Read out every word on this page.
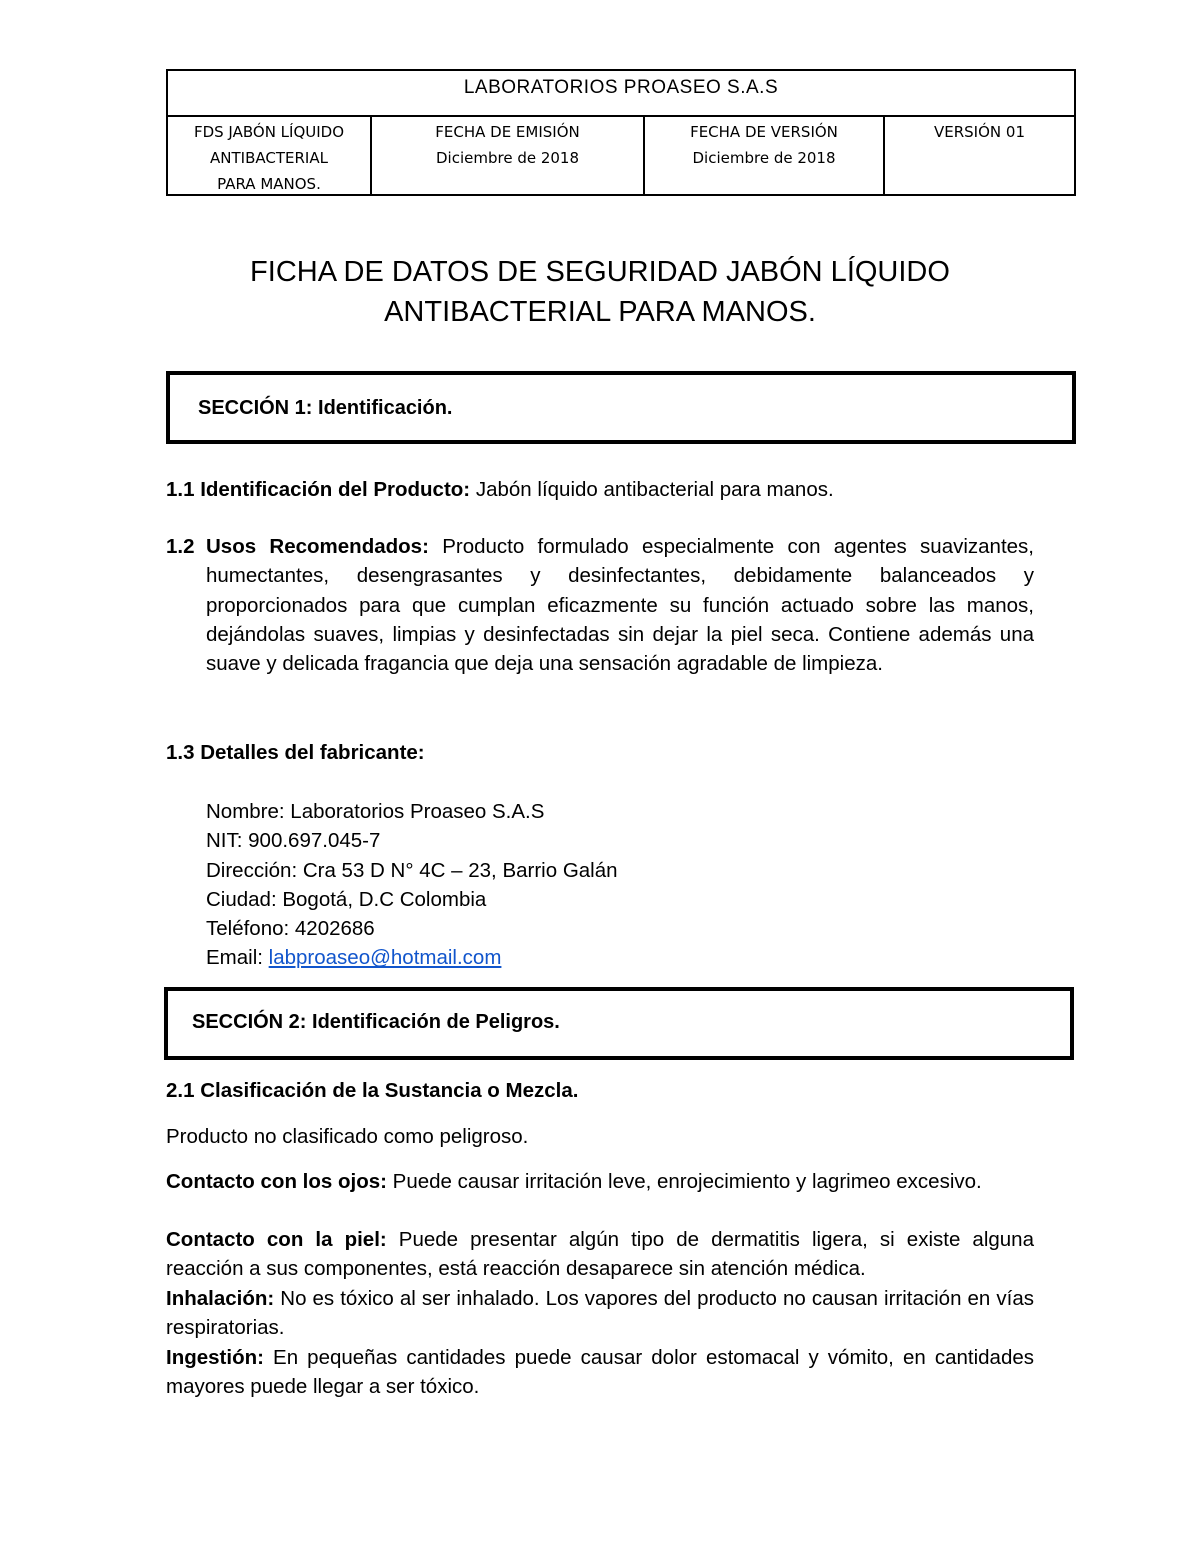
LABORATORIOS PROASEO S.A.S
FDS JABÓN LÍQUIDO
ANTIBACTERIAL
PARA MANOS.
FECHA DE EMISIÓN
Diciembre de 2018
FECHA DE VERSIÓN
Diciembre de 2018
VERSIÓN 01
FICHA DE DATOS DE SEGURIDAD JABÓN LÍQUIDO
ANTIBACTERIAL PARA MANOS.
SECCIÓN 1: Identificación.
1.1 Identificación del Producto: Jabón líquido antibacterial para manos.
1.2 Usos Recomendados: Producto formulado especialmente con agentes suavizantes, humectantes, desengrasantes y desinfectantes, debidamente balanceados y proporcionados para que cumplan eficazmente su función actuado sobre las manos, dejándolas suaves, limpias y desinfectadas sin dejar la piel seca. Contiene además una suave y delicada fragancia que deja una sensación agradable de limpieza.
1.3 Detalles del fabricante:
Nombre: Laboratorios Proaseo S.A.S
NIT: 900.697.045-7
Dirección: Cra 53 D N° 4C – 23, Barrio Galán
Ciudad: Bogotá, D.C Colombia
Teléfono: 4202686
Email: labproaseo@hotmail.com
SECCIÓN 2: Identificación de Peligros.
2.1 Clasificación de la Sustancia o Mezcla.
Producto no clasificado como peligroso.
Contacto con los ojos: Puede causar irritación leve, enrojecimiento y lagrimeo excesivo.
Contacto con la piel: Puede presentar algún tipo de dermatitis ligera, si existe alguna reacción a sus componentes, está reacción desaparece sin atención médica.
Inhalación: No es tóxico al ser inhalado. Los vapores del producto no causan irritación en vías respiratorias.
Ingestión: En pequeñas cantidades puede causar dolor estomacal y vómito, en cantidades mayores puede llegar a ser tóxico.
